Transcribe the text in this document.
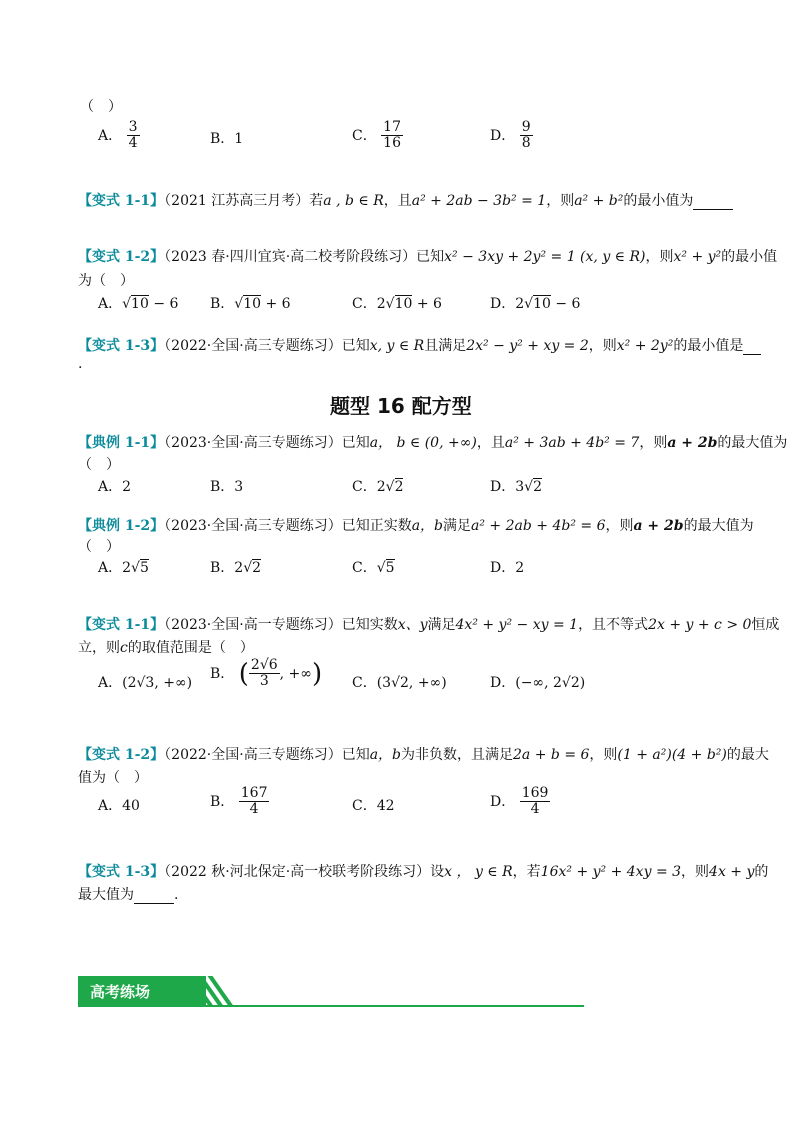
（　）
A． $\frac{3}{4}$	B．1	C． $\frac{17}{16}$	D． $\frac{9}{8}$
【变式 1-1】（2021 江苏高三月考）若a , b ∈ R，且a² + 2ab − 3b² = 1，则a² + b²的最小值为
【变式 1-2】（2023 春·四川宜宾·高二校考阶段练习）已知x² − 3xy + 2y² = 1 (x, y ∈ R)，则x² + y²的最小值
为（　）
A．√10 − 6 B．√10 + 6	C．2√10 + 6	D．2√10 − 6
【变式 1-3】（2022·全国·高三专题练习）已知x, y ∈ R且满足2x² − y² + xy = 2，则x² + 2y²的最小值是
.
题型 16 配方型
【典例 1-1】（2023·全国·高三专题练习）已知a， b ∈ (0, +∞)，且a² + 3ab + 4b² = 7，则a + 2b的最大值为
（　）
A．2	B．3	C．2√2	D．3√2
【典例 1-2】（2023·全国·高三专题练习）已知正实数a，b满足a² + 2ab + 4b² = 6，则a + 2b的最大值为
（　）
A．2√5	B．2√2	C．√5	D．2
【变式 1-1】（2023·全国·高一专题练习）已知实数x、y满足4x² + y² − xy = 1，且不等式2x + y + c > 0恒成
立，则c的取值范围是（　）
A．(2√3, +∞)
B． ( $\frac{2√6}{3}$ , +∞) C．(3√2, +∞)	D．(−∞, 2√2)
【变式 1-2】（2022·全国·高三专题练习）已知a，b为非负数，且满足2a + b = 6，则(1 + a²)(4 + b²)的最大
值为（　）
A．40	B． $\frac{167}{4}$	C．42	D． $\frac{169}{4}$
【变式 1-3】（2022 秋·河北保定·高一校联考阶段练习）设x ， y ∈ R，若16x² + y² + 4xy = 3，则4x + y的
最大值为	.
高考练场
